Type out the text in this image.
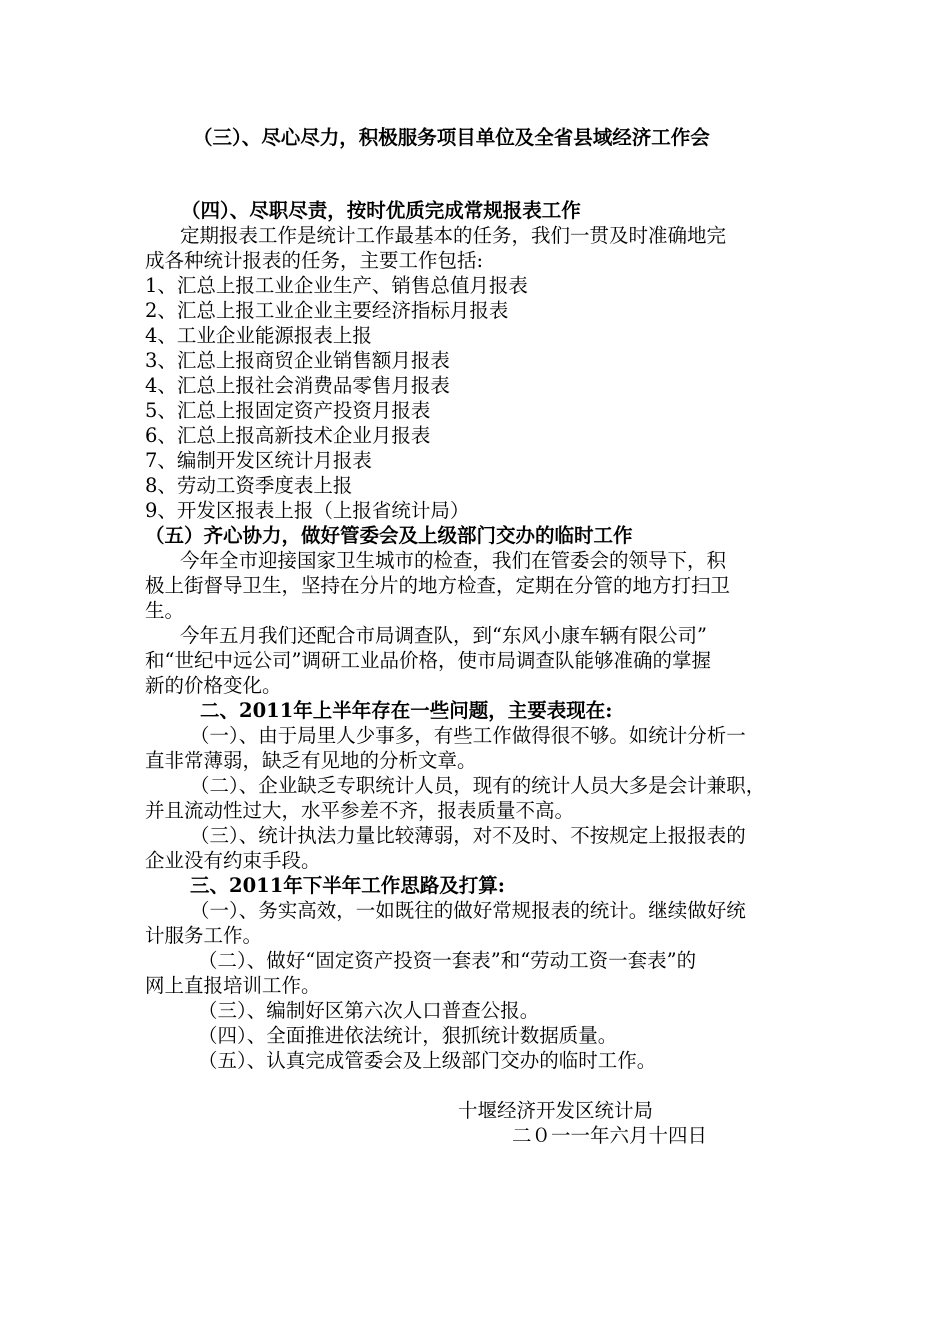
（三）、尽心尽力，积极服务项目单位及全省县域经济工作会
（四）、尽职尽责，按时优质完成常规报表工作
定期报表工作是统计工作最基本的任务，我们一贯及时准确地完
成各种统计报表的任务，主要工作包括:
1、汇总上报工业企业生产、销售总值月报表
2、汇总上报工业企业主要经济指标月报表
4、工业企业能源报表上报
3、汇总上报商贸企业销售额月报表
4、汇总上报社会消费品零售月报表
5、汇总上报固定资产投资月报表
6、汇总上报高新技术企业月报表
7、编制开发区统计月报表
8、劳动工资季度表上报
9、开发区报表上报（上报省统计局）
（五）齐心协力，做好管委会及上级部门交办的临时工作
今年全市迎接国家卫生城市的检查，我们在管委会的领导下，积
极上街督导卫生，坚持在分片的地方检查，定期在分管的地方打扫卫
生。
今年五月我们还配合市局调查队，到“东风小康车辆有限公司”
和“世纪中远公司”调研工业品价格，使市局调查队能够准确的掌握
新的价格变化。
二、2011年上半年存在一些问题，主要表现在:
（一）、由于局里人少事多，有些工作做得很不够。如统计分析一
直非常薄弱，缺乏有见地的分析文章。
（二）、企业缺乏专职统计人员，现有的统计人员大多是会计兼职，
并且流动性过大，水平参差不齐，报表质量不高。
（三）、统计执法力量比较薄弱，对不及时、不按规定上报报表的
企业没有约束手段。
三、2011年下半年工作思路及打算:
（一）、务实高效，一如既往的做好常规报表的统计。继续做好统
计服务工作。
（二）、做好“固定资产投资一套表”和“劳动工资一套表”的
网上直报培训工作。
（三）、编制好区第六次人口普查公报。
（四）、全面推进依法统计，狠抓统计数据质量。
（五）、认真完成管委会及上级部门交办的临时工作。
十堰经济开发区统计局
二０一一年六月十四日
